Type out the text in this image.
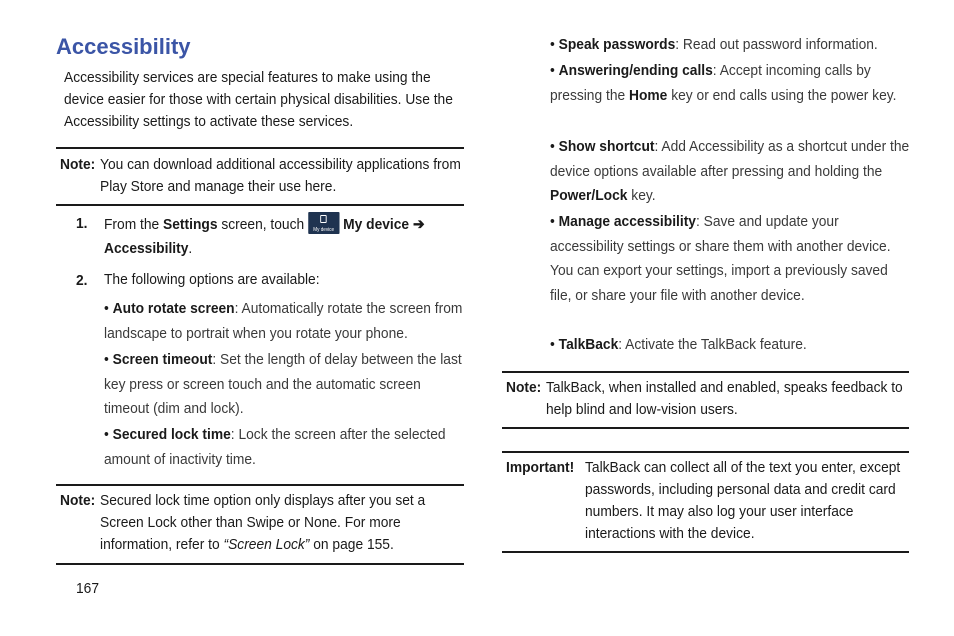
Accessibility
Accessibility services are special features to make using the device easier for those with certain physical disabilities. Use the Accessibility settings to activate these services.
Note: You can download additional accessibility applications from Play Store and manage their use here.
1. From the Settings screen, touch	My device My device ➔ Accessibility.
2. The following options are available:
• Auto rotate screen: Automatically rotate the screen from landscape to portrait when you rotate your phone.
• Screen timeout: Set the length of delay between the last key press or screen touch and the automatic screen timeout (dim and lock).
• Secured lock time: Lock the screen after the selected amount of inactivity time.
Note: Secured lock time option only displays after you set a Screen Lock other than Swipe or None. For more information, refer to “Screen Lock” on page 155.
167
• Speak passwords: Read out password information.
• Answering/ending calls: Accept incoming calls by pressing the Home key or end calls using the power key.
• Show shortcut: Add Accessibility as a shortcut under the device options available after pressing and holding the Power/Lock key.
• Manage accessibility: Save and update your accessibility settings or share them with another device. You can export your settings, import a previously saved file, or share your file with another device.
• TalkBack: Activate the TalkBack feature.
Note: TalkBack, when installed and enabled, speaks feedback to help blind and low-vision users.
Important! TalkBack can collect all of the text you enter, except passwords, including personal data and credit card numbers. It may also log your user interface interactions with the device.
